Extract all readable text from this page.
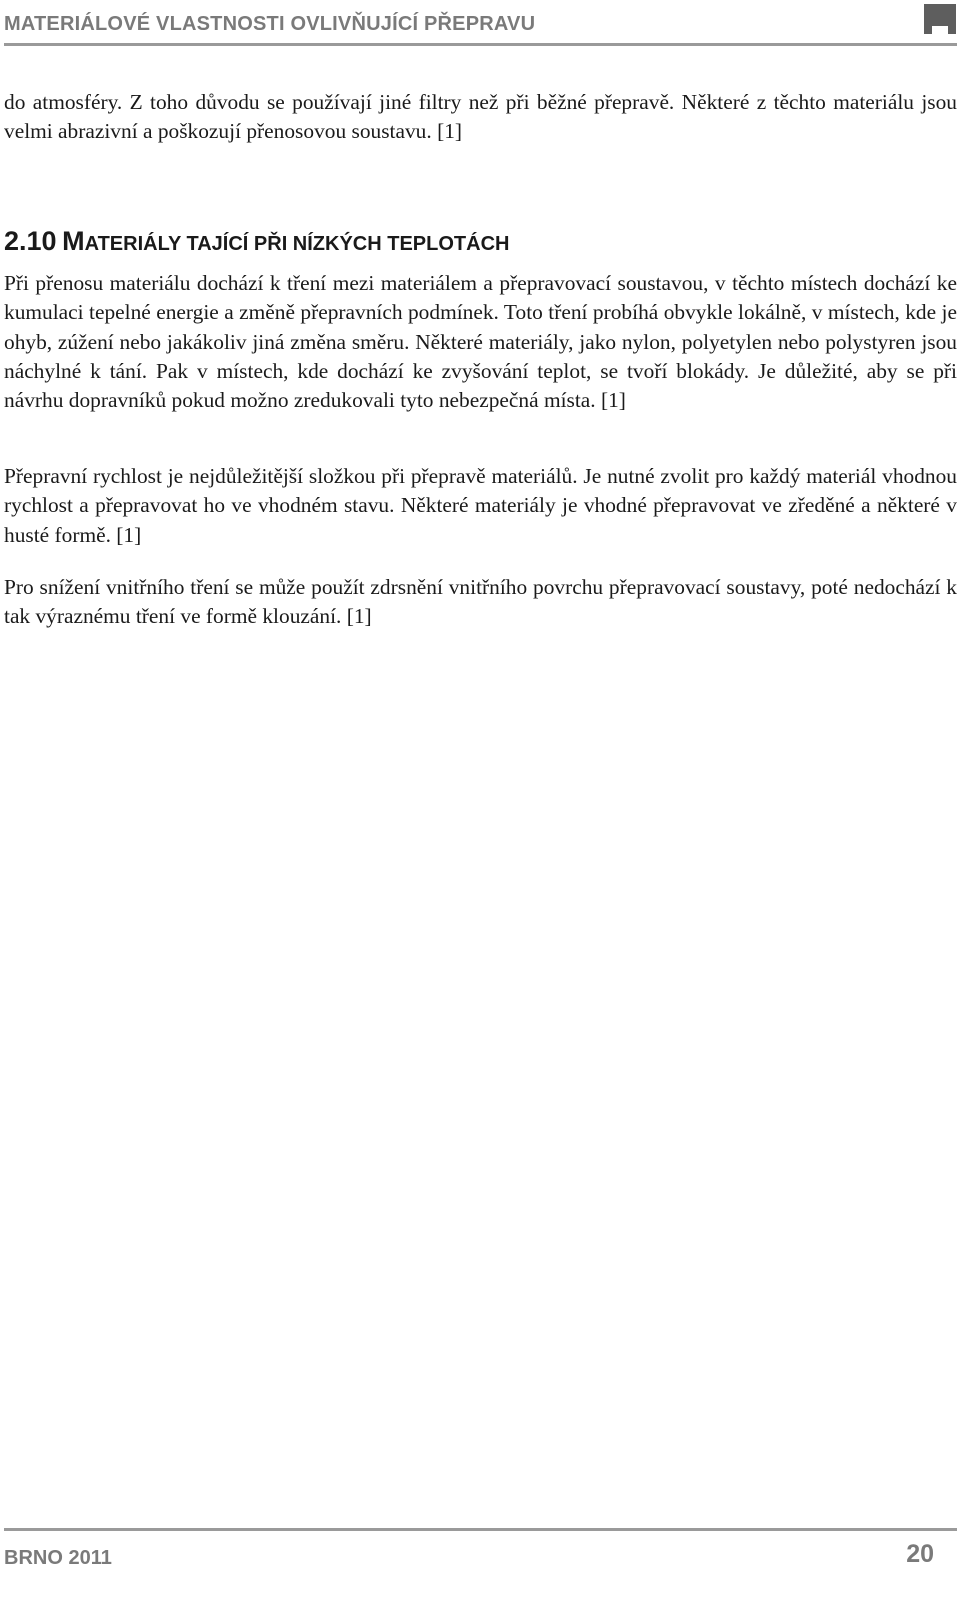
MATERIÁLOVÉ VLASTNOSTI OVLIVŇUJÍCÍ PŘEPRAVU

do atmosféry. Z toho důvodu se používají jiné filtry než při běžné přepravě. Některé z těchto materiálu jsou velmi abrazivní a poškozují přenosovou soustavu. [1]

2.10 MATERIÁLY TAJÍCÍ PŘI NÍZKÝCH TEPLOTÁCH

Při přenosu materiálu dochází k tření mezi materiálem a přepravovací soustavou, v těchto místech dochází ke kumulaci tepelné energie a změně přepravních podmínek. Toto tření probíhá obvykle lokálně, v místech, kde je ohyb, zúžení nebo jakákoliv jiná změna směru. Některé materiály, jako nylon, polyetylen nebo polystyren jsou náchylné k tání. Pak v místech, kde dochází ke zvyšování teplot, se tvoří blokády. Je důležité, aby se při návrhu dopravníků pokud možno zredukovali tyto nebezpečná místa. [1]

Přepravní rychlost je nejdůležitější složkou při přepravě materiálů. Je nutné zvolit pro každý materiál vhodnou rychlost a přepravovat ho ve vhodném stavu. Některé materiály je vhodné přepravovat ve zředěné a některé v husté formě. [1]

Pro snížení vnitřního tření se může použít zdrsnění vnitřního povrchu přepravovací soustavy, poté nedochází k tak výraznému tření ve formě klouzání. [1]

BRNO 2011	20
